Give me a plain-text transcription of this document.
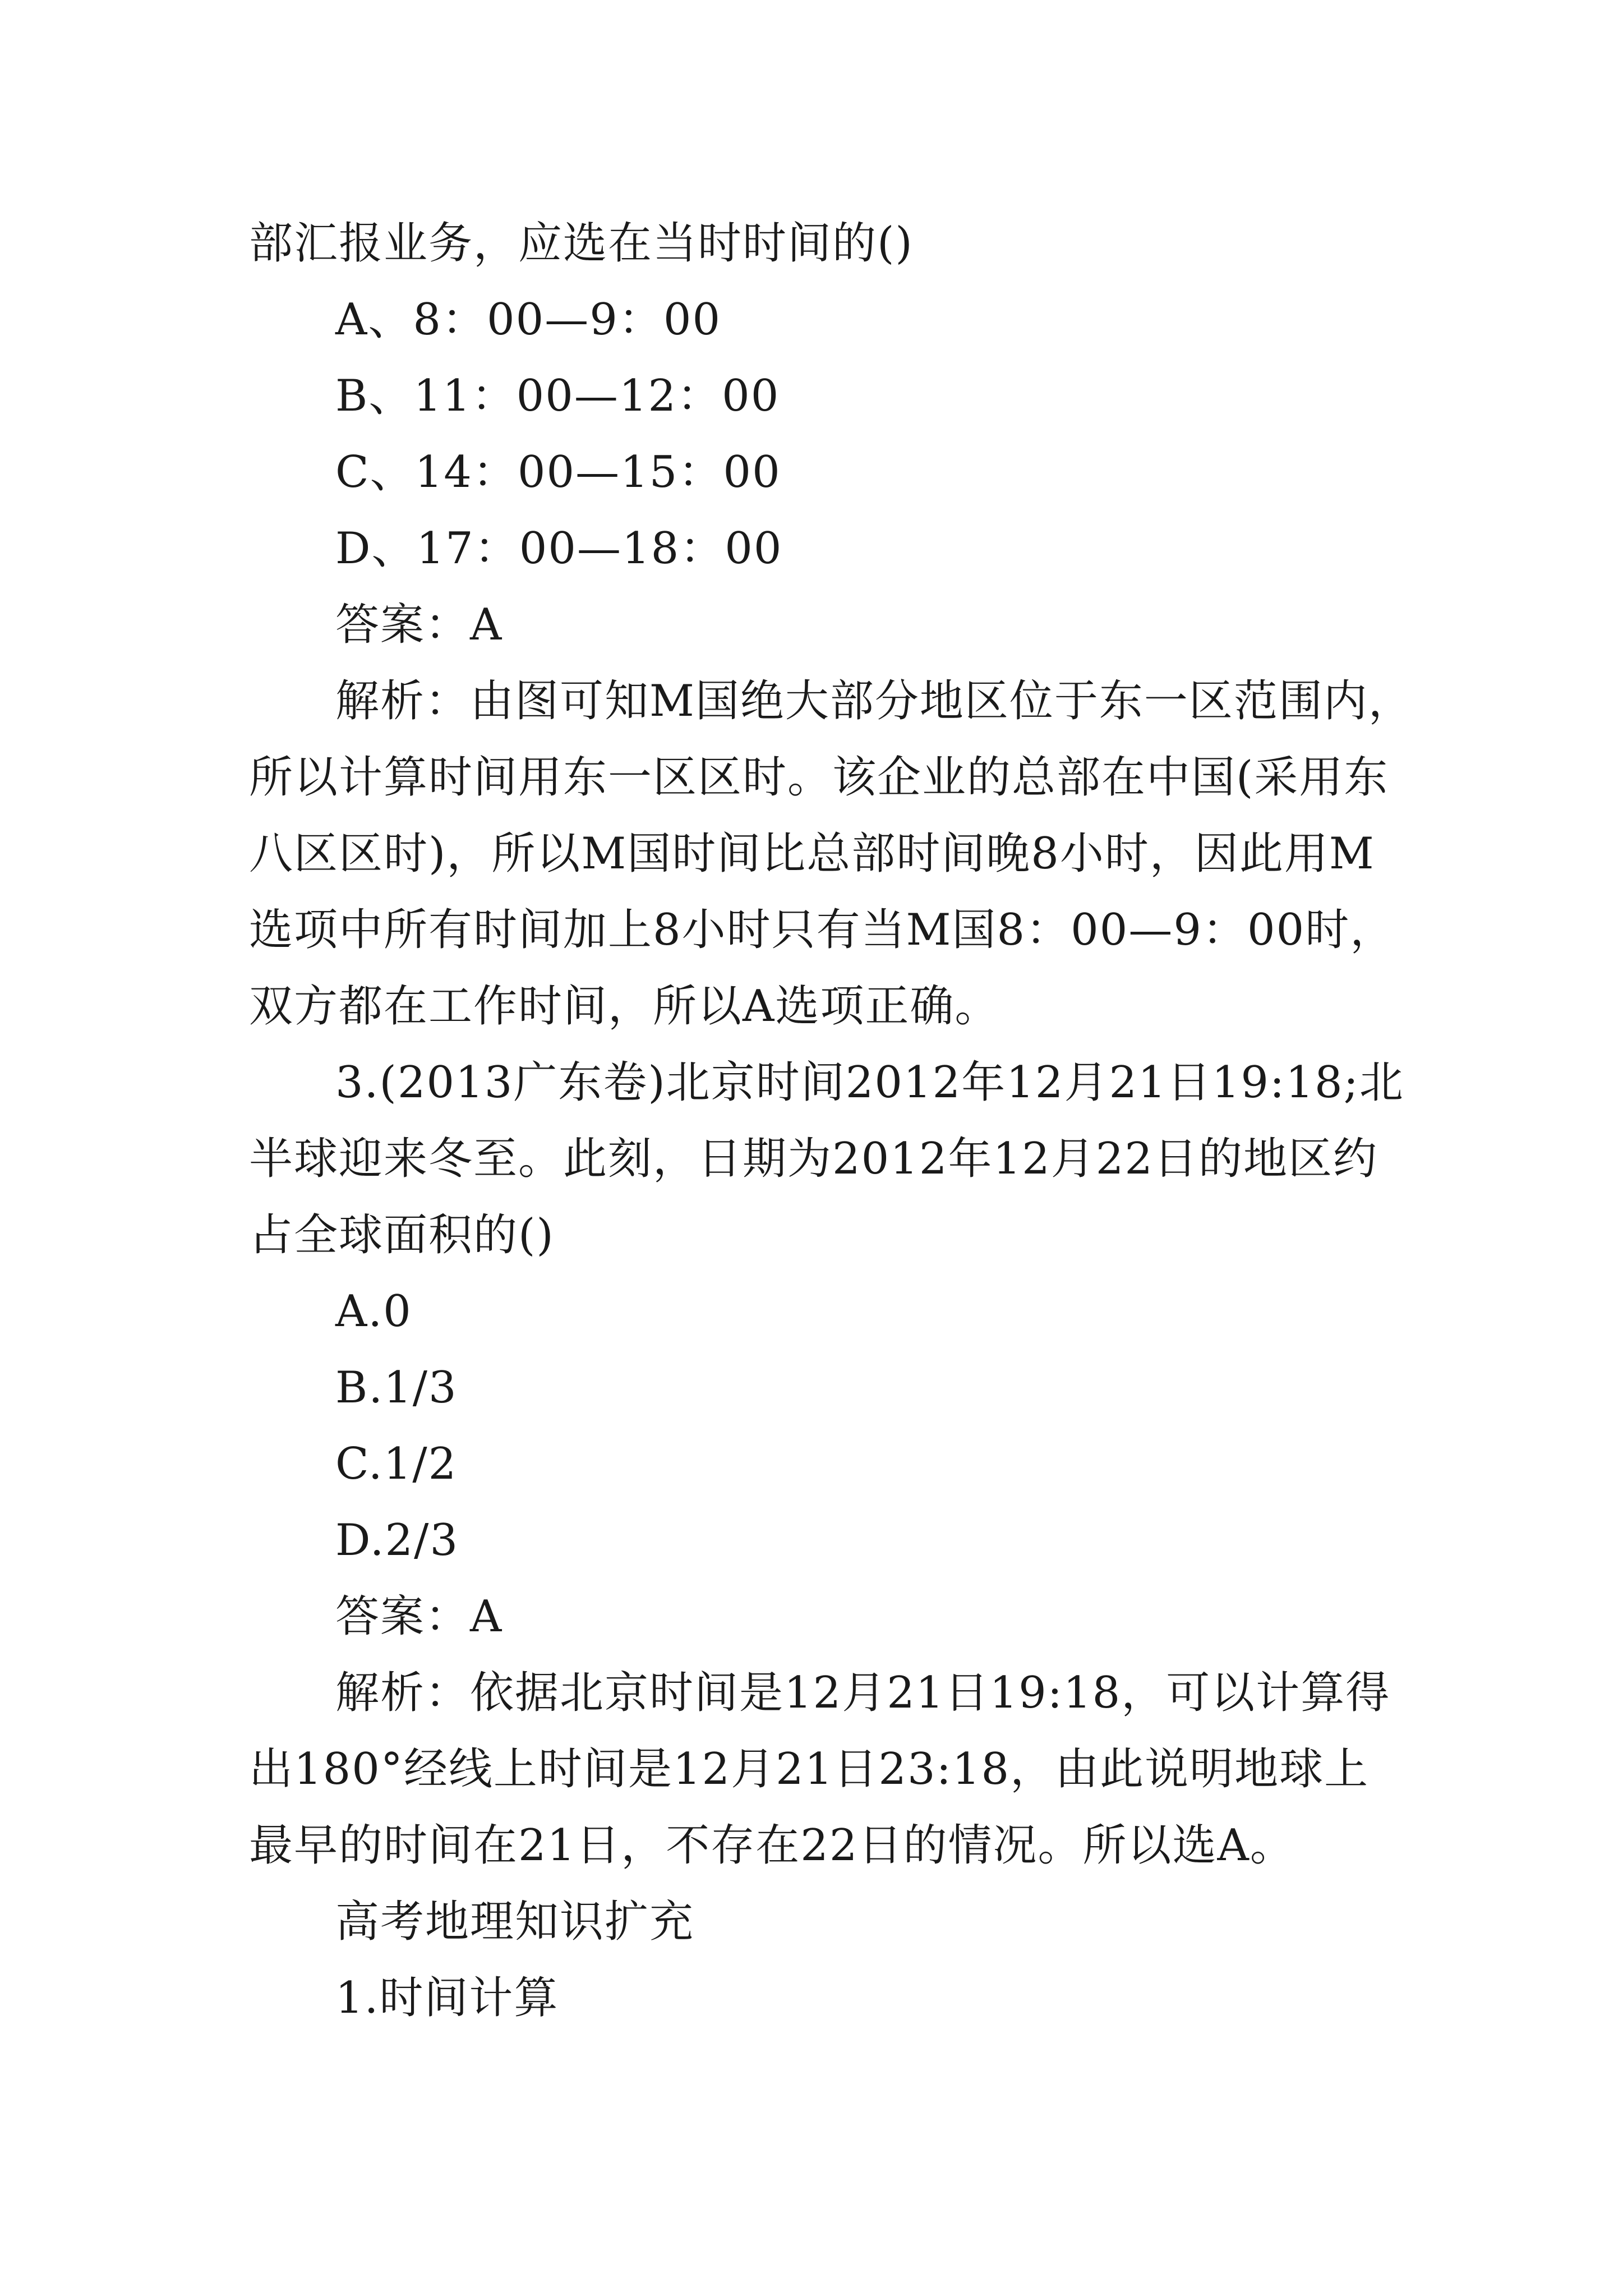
部汇报业务，应选在当时时间的()
A、8：00—9：00
B、11：00—12：00
C、14：00—15：00
D、17：00—18：00
答案：A
解析：由图可知M国绝大部分地区位于东一区范围内，
所以计算时间用东一区区时。该企业的总部在中国(采用东
八区区时)，所以M国时间比总部时间晚8小时，因此用M
选项中所有时间加上8小时只有当M国8：00—9：00时，
双方都在工作时间，所以A选项正确。
3.(2013广东卷)北京时间2012年12月21日19:18;北
半球迎来冬至。此刻，日期为2012年12月22日的地区约
占全球面积的()
A.0
B.1/3
C.1/2
D.2/3
答案：A
解析：依据北京时间是12月21日19:18，可以计算得
出180°经线上时间是12月21日23:18，由此说明地球上
最早的时间在21日，不存在22日的情况。所以选A。
高考地理知识扩充
1.时间计算
